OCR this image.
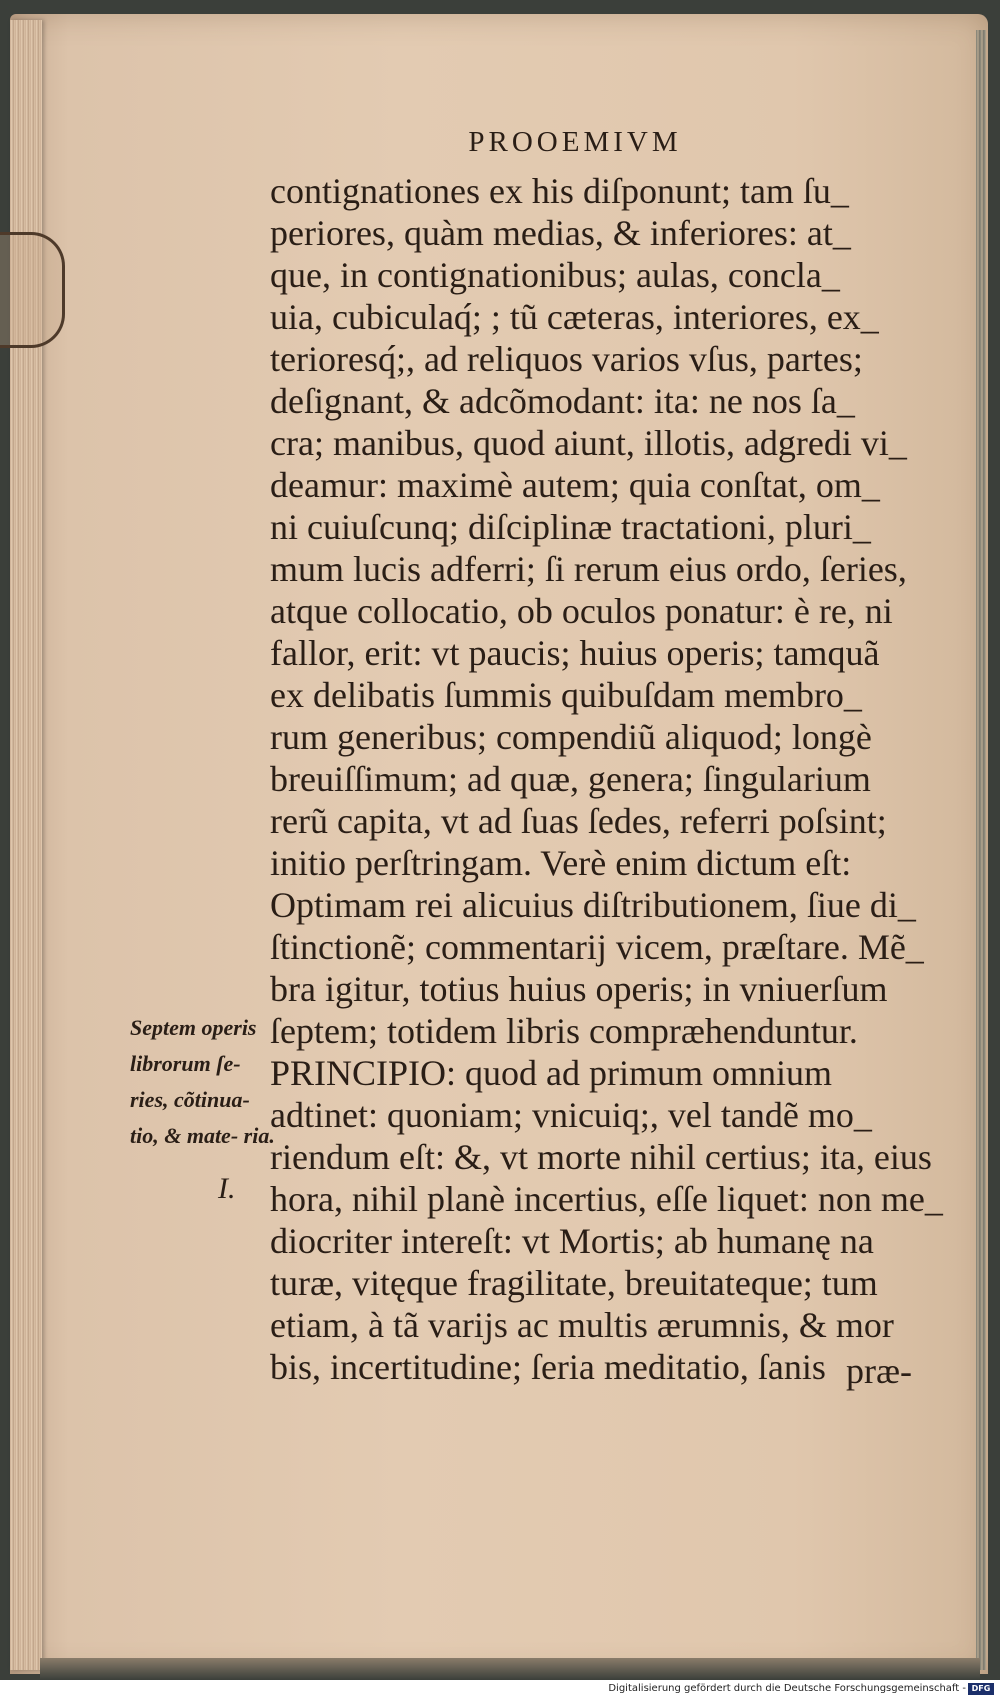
PROOEMIVM
contignationes ex his diſponunt; tam ſu_
periores, quàm medias, & inferiores: at_
que, in contignationibus; aulas, concla_
uia, cubiculaq́; ; tũ cæteras, interiores, ex_
terioresq́;, ad reliquos varios vſus, partes;
deſignant, & adcõmodant: ita: ne nos ſa_
cra; manibus, quod aiunt, illotis, adgredi vi_
deamur: maximè autem; quia conſtat, om_
ni cuiuſcunq; diſciplinæ tractationi, pluri_
mum lucis adferri; ſi rerum eius ordo, ſeries,
atque collocatio, ob oculos ponatur: è re, ni
fallor, erit: vt paucis; huius operis; tamquã
ex delibatis ſummis quibuſdam membro_
rum generibus; compendiũ aliquod; longè
breuiſſimum; ad quæ, genera; ſingularium
rerũ capita, vt ad ſuas ſedes, referri poſsint;
initio perſtringam. Verè enim dictum eſt:
Optimam rei alicuius diſtributionem, ſiue di_
ſtinctionẽ; commentarij vicem, præſtare. Mẽ_
bra igitur, totius huius operis; in vniuerſum
ſeptem; totidem libris compræhenduntur.
PRINCIPIO: quod ad primum omnium
adtinet: quoniam; vnicuiq;, vel tandẽ mo_
riendum eſt: &, vt morte nihil certius; ita, eius
hora, nihil planè incertius, eſſe liquet: non me_
diocriter intereſt: vt Mortis; ab humanę na
turæ, vitęque fragilitate, breuitateque; tum
etiam, à tã varijs ac multis ærumnis, & mor
bis, incertitudine; ſeria meditatio, ſanis
Septem operis librorum ſe- ries, cõtinua- tio, & mate- ria.
I.
præ-
Digitalisierung gefördert durch die Deutsche Forschungsgemeinschaft - DFG
